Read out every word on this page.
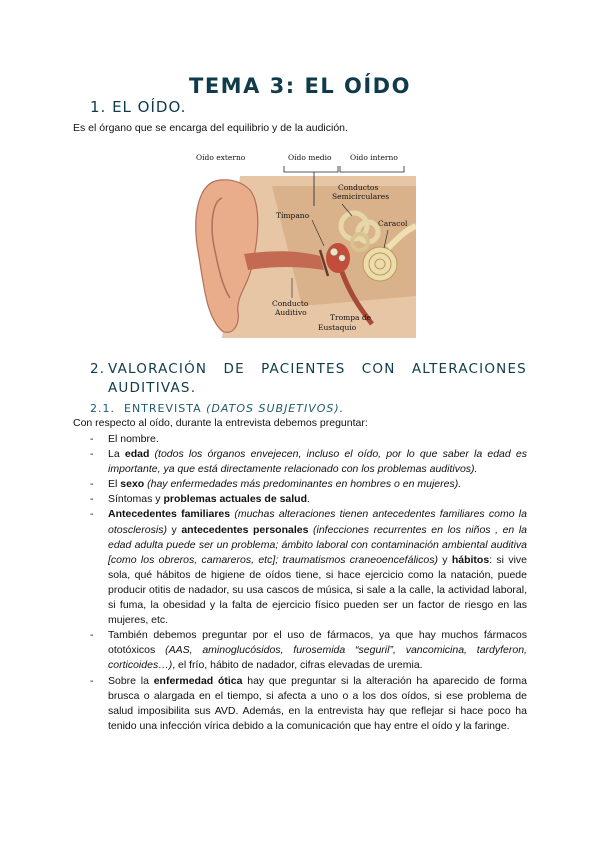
TEMA 3: EL OÍDO
1. EL OÍDO.
Es el órgano que se encarga del equilibrio y de la audición.
Oído externo	Oído medio Oído interno
Conductos
Semicirculares
Caracol
Tímpano
Conducto
Auditivo
Trompa de
Eustaquio
2. VALORACIÓN DE PACIENTES CON ALTERACIONES
AUDITIVAS.
2.1. ENTREVISTA (DATOS SUBJETIVOS).
Con respecto al oído, durante la entrevista debemos preguntar:
- El nombre.
- La edad (todos los órganos envejecen, incluso el oído, por lo que saber la edad es importante, ya que está directamente relacionado con los problemas auditivos).
- El sexo (hay enfermedades más predominantes en hombres o en mujeres).
- Síntomas y problemas actuales de salud.
- Antecedentes familiares (muchas alteraciones tienen antecedentes familiares como la otosclerosis) y antecedentes personales (infecciones recurrentes en los niños , en la edad adulta puede ser un problema; ámbito laboral con contaminación ambiental auditiva [como los obreros, camareros, etc]; traumatismos craneoencefálicos) y hábitos: si vive sola, qué hábitos de higiene de oídos tiene, si hace ejercicio como la natación, puede producir otitis de nadador, su usa cascos de música, si sale a la calle, la actividad laboral, si fuma, la obesidad y la falta de ejercicio físico pueden ser un factor de riesgo en las mujeres, etc.
- También debemos preguntar por el uso de fármacos, ya que hay muchos fármacos ototóxicos (AAS, aminoglucósidos, furosemida “seguril”, vancomicina, tardyferon, corticoides…), el frío, hábito de nadador, cifras elevadas de uremia.
- Sobre la enfermedad ótica hay que preguntar si la alteración ha aparecido de forma brusca o alargada en el tiempo, si afecta a uno o a los dos oídos, si ese problema de salud imposibilita sus AVD. Además, en la entrevista hay que reflejar si hace poco ha tenido una infección vírica debido a la comunicación que hay entre el oído y la faringe.
